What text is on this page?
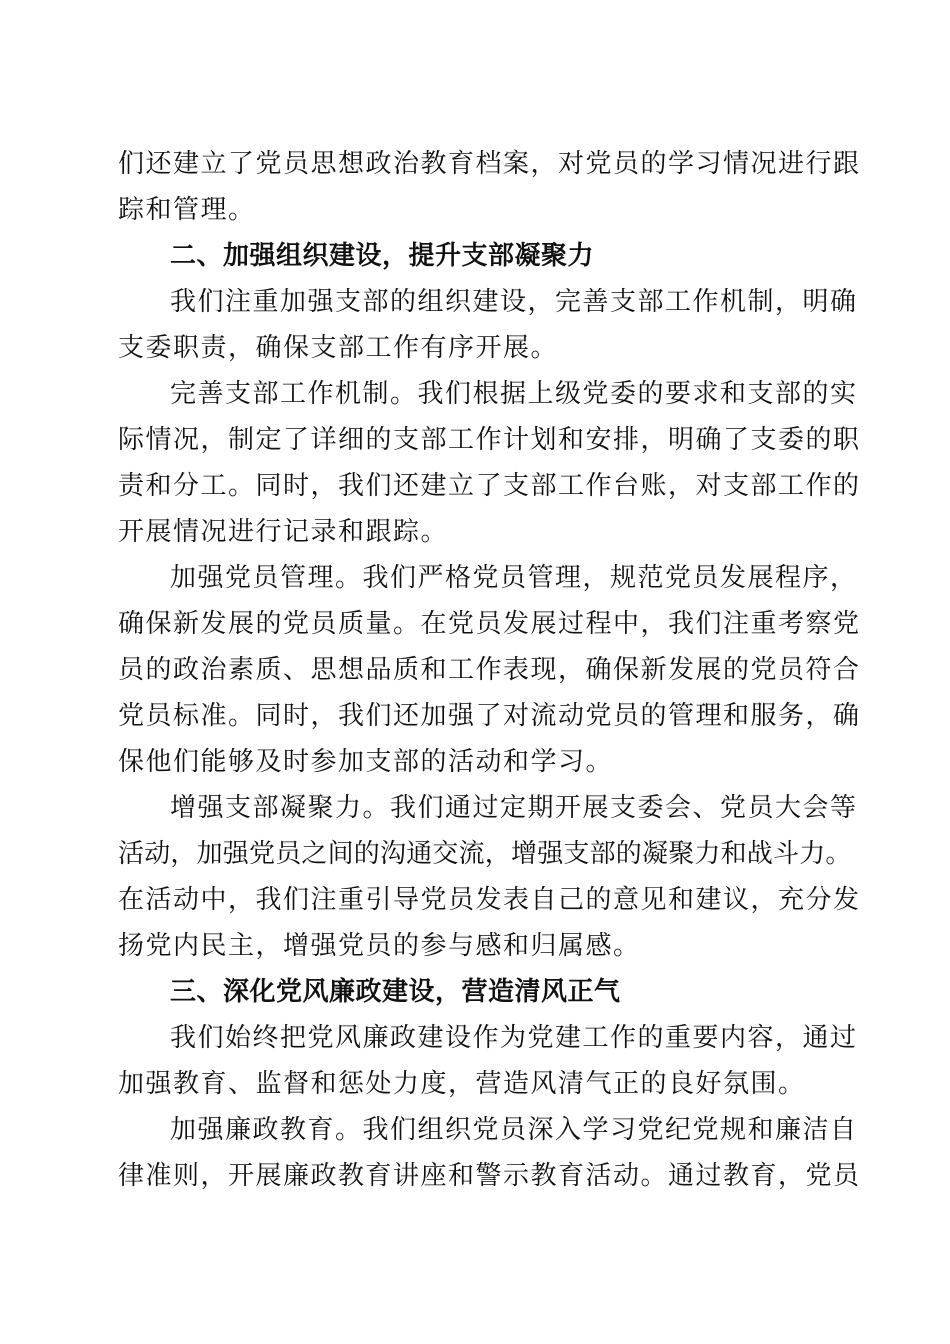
们还建立了党员思想政治教育档案，对党员的学习情况进行跟
踪和管理。
二、加强组织建设，提升支部凝聚力
我们注重加强支部的组织建设，完善支部工作机制，明确
支委职责，确保支部工作有序开展。
完善支部工作机制。我们根据上级党委的要求和支部的实
际情况，制定了详细的支部工作计划和安排，明确了支委的职
责和分工。同时，我们还建立了支部工作台账，对支部工作的
开展情况进行记录和跟踪。
加强党员管理。我们严格党员管理，规范党员发展程序，
确保新发展的党员质量。在党员发展过程中，我们注重考察党
员的政治素质、思想品质和工作表现，确保新发展的党员符合
党员标准。同时，我们还加强了对流动党员的管理和服务，确
保他们能够及时参加支部的活动和学习。
增强支部凝聚力。我们通过定期开展支委会、党员大会等
活动，加强党员之间的沟通交流，增强支部的凝聚力和战斗力。
在活动中，我们注重引导党员发表自己的意见和建议，充分发
扬党内民主，增强党员的参与感和归属感。
三、深化党风廉政建设，营造清风正气
我们始终把党风廉政建设作为党建工作的重要内容，通过
加强教育、监督和惩处力度，营造风清气正的良好氛围。
加强廉政教育。我们组织党员深入学习党纪党规和廉洁自
律准则，开展廉政教育讲座和警示教育活动。通过教育，党员
